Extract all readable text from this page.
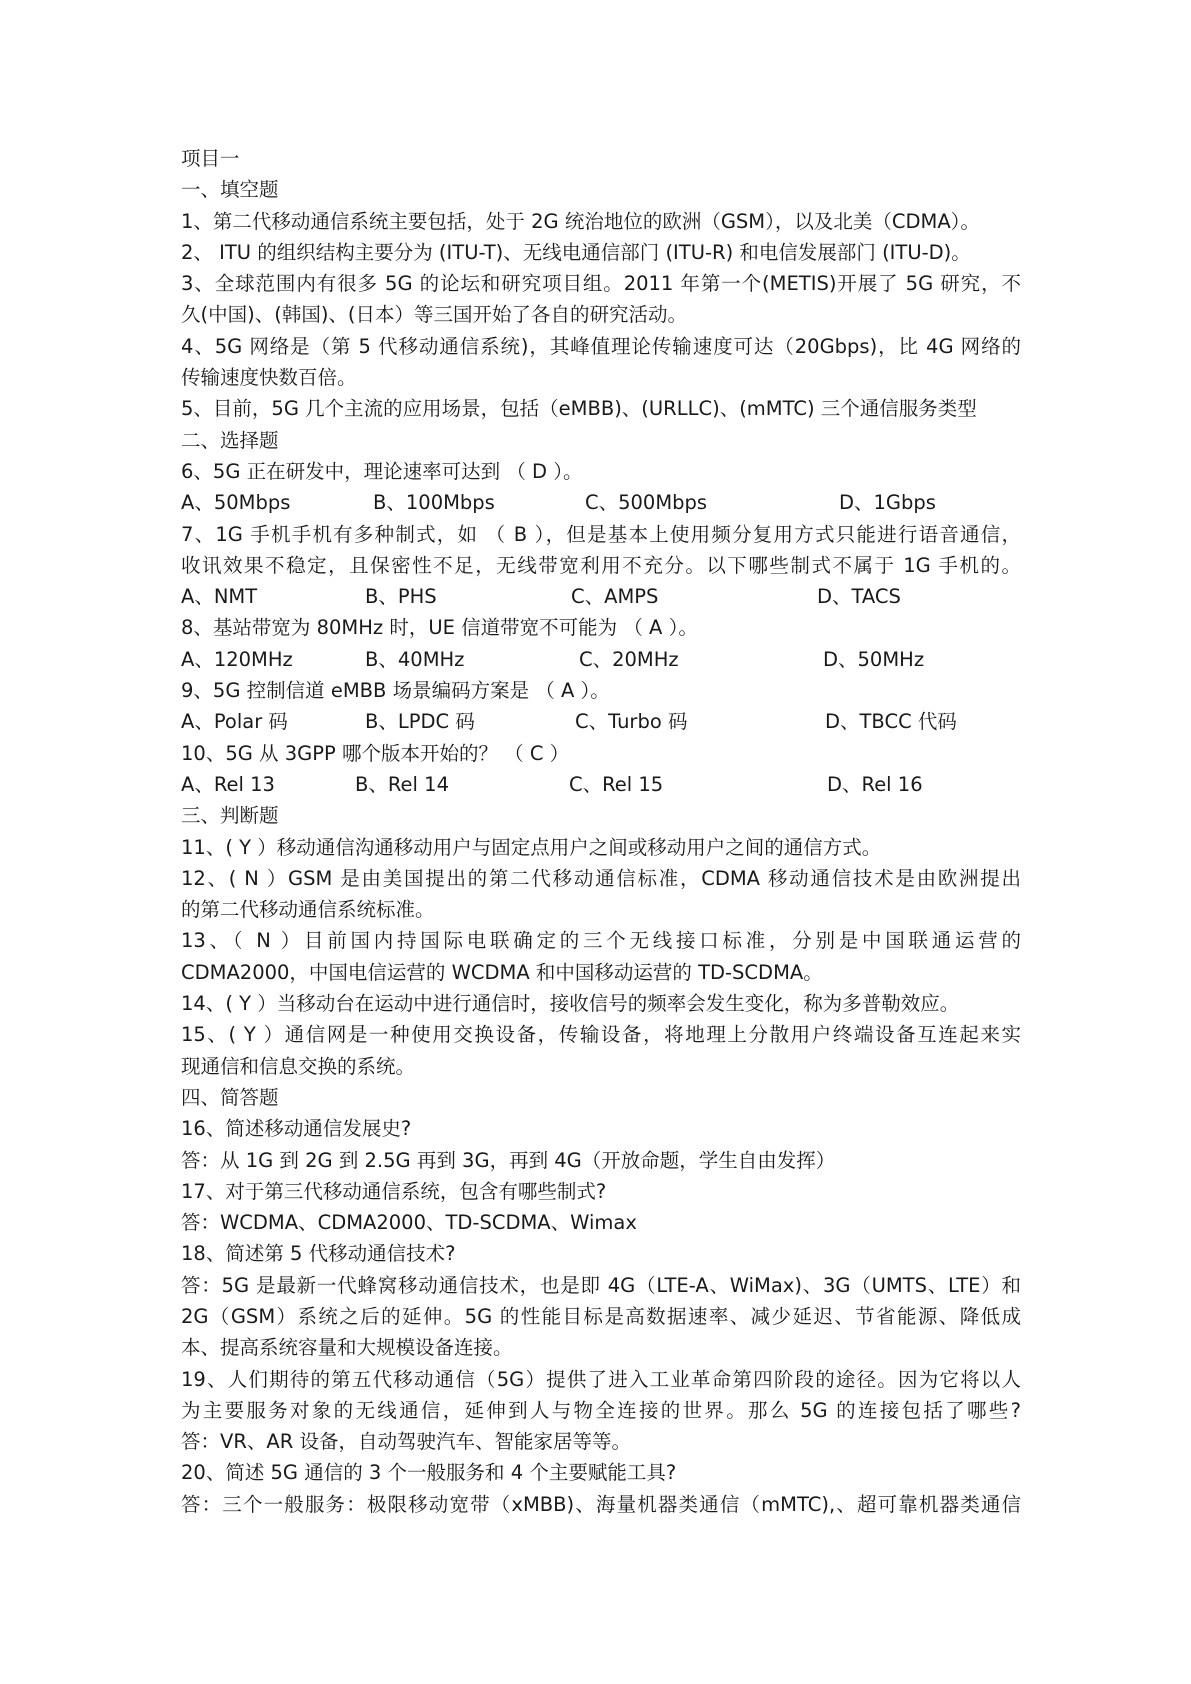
项目一
一、填空题
1、第二代移动通信系统主要包括，处于 2G 统治地位的欧洲（GSM），以及北美（CDMA）。
2、 ITU 的组织结构主要分为 (ITU-T)、无线电通信部门 (ITU-R) 和电信发展部门 (ITU-D)。
3、全球范围内有很多 5G 的论坛和研究项目组。2011 年第一个(METIS)开展了 5G 研究，不
久(中国)、(韩国)、(日本）等三国开始了各自的研究活动。
4、5G 网络是（第 5 代移动通信系统)，其峰值理论传输速度可达（20Gbps)，比 4G 网络的
传输速度快数百倍。
5、目前，5G 几个主流的应用场景，包括（eMBB)、(URLLC)、(mMTC) 三个通信服务类型
二、选择题
6、5G 正在研发中，理论速率可达到 （ D ）。
A、50Mbps	B、100Mbps	C、500Mbps	D、1Gbps
7、1G 手机手机有多种制式，如 （ B ），但是基本上使用频分复用方式只能进行语音通信，
收讯效果不稳定，且保密性不足，无线带宽利用不充分。以下哪些制式不属于 1G 手机的。
A、NMT	B、PHS	C、AMPS	D、TACS
8、基站带宽为 80MHz 时，UE 信道带宽不可能为 （ A ）。
A、120MHz	B、40MHz	C、20MHz	D、50MHz
9、5G 控制信道 eMBB 场景编码方案是 （ A ）。
A、Polar 码	B、LPDC 码	C、Turbo 码	D、TBCC 代码
10、5G 从 3GPP 哪个版本开始的？ （ C ）
A、Rel 13	B、Rel 14	C、Rel 15	D、Rel 16
三、判断题
11、( Y ）移动通信沟通移动用户与固定点用户之间或移动用户之间的通信方式。
12、( N ）GSM 是由美国提出的第二代移动通信标准，CDMA 移动通信技术是由欧洲提出
的第二代移动通信系统标准。
13、（ N ）目前国内持国际电联确定的三个无线接口标准，分别是中国联通运营的
CDMA2000，中国电信运营的 WCDMA 和中国移动运营的 TD-SCDMA。
14、( Y ）当移动台在运动中进行通信时，接收信号的频率会发生变化，称为多普勒效应。
15、( Y ）通信网是一种使用交换设备，传输设备，将地理上分散用户终端设备互连起来实
现通信和信息交换的系统。
四、简答题
16、简述移动通信发展史?
答：从 1G 到 2G 到 2.5G 再到 3G，再到 4G（开放命题，学生自由发挥）
17、对于第三代移动通信系统，包含有哪些制式?
答：WCDMA、CDMA2000、TD-SCDMA、Wimax
18、简述第 5 代移动通信技术?
答：5G 是最新一代蜂窝移动通信技术，也是即 4G（LTE-A、WiMax)、3G（UMTS、LTE）和
2G（GSM）系统之后的延伸。5G 的性能目标是高数据速率、减少延迟、节省能源、降低成
本、提高系统容量和大规模设备连接。
19、人们期待的第五代移动通信（5G）提供了进入工业革命第四阶段的途径。因为它将以人
为主要服务对象的无线通信，延伸到人与物全连接的世界。那么 5G 的连接包括了哪些?
答：VR、AR 设备，自动驾驶汽车、智能家居等等。
20、简述 5G 通信的 3 个一般服务和 4 个主要赋能工具?
答：三个一般服务：极限移动宽带（xMBB)、海量机器类通信（mMTC),、超可靠机器类通信
